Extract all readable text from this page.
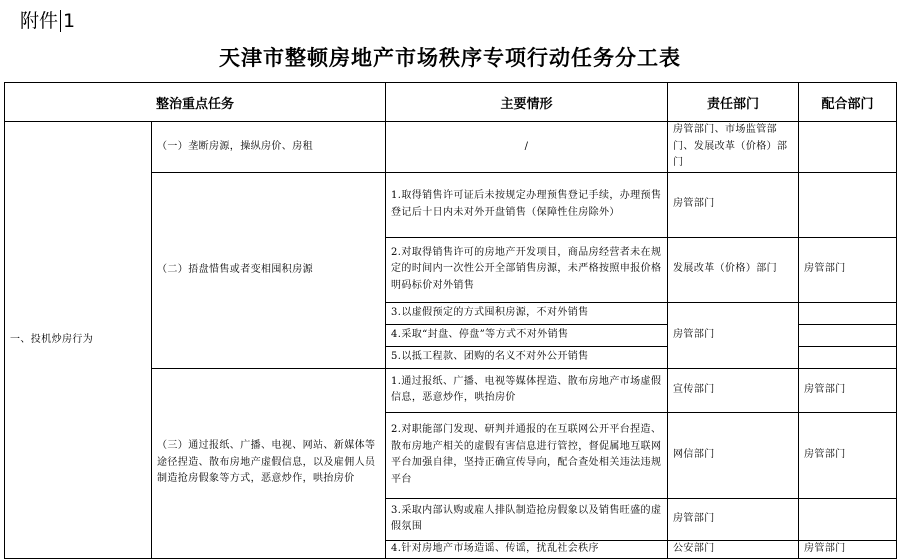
附件 1
天津市整顿房地产市场秩序专项行动任务分工表
整治重点任务		主要情形	责任部门	配合部门
一、投机炒房行为	（一）垄断房源，操纵房价、房租	/	房管部门、市场监管部门、发展改革（价格）部门	
	（二）捂盘惜售或者变相囤积房源	1.取得销售许可证后未按规定办理预售登记手续，办理预售登记后十日内未对外开盘销售（保障性住房除外）	房管部门	
		2.对取得销售许可的房地产开发项目，商品房经营者未在规定的时间内一次性公开全部销售房源，未严格按照申报价格明码标价对外销售	发展改革（价格）部门	房管部门
		3.以虚假预定的方式囤积房源，不对外销售	房管部门	
		4.采取“封盘、停盘”等方式不对外销售		
		5.以抵工程款、团购的名义不对外公开销售		
	（三）通过报纸、广播、电视、网站、新媒体等途径捏造、散布房地产虚假信息，以及雇佣人员制造抢房假象等方式，恶意炒作，哄抬房价	1.通过报纸、广播、电视等媒体捏造、散布房地产市场虚假信息，恶意炒作，哄抬房价	宣传部门	房管部门
		2.对职能部门发现、研判并通报的在互联网公开平台捏造、散布房地产相关的虚假有害信息进行管控，督促属地互联网平台加强自律，坚持正确宣传导向，配合查处相关违法违规平台	网信部门	房管部门
		3.采取内部认购或雇人排队制造抢房假象以及销售旺盛的虚假氛围	房管部门	
		4.针对房地产市场造谣、传谣，扰乱社会秩序	公安部门	房管部门
